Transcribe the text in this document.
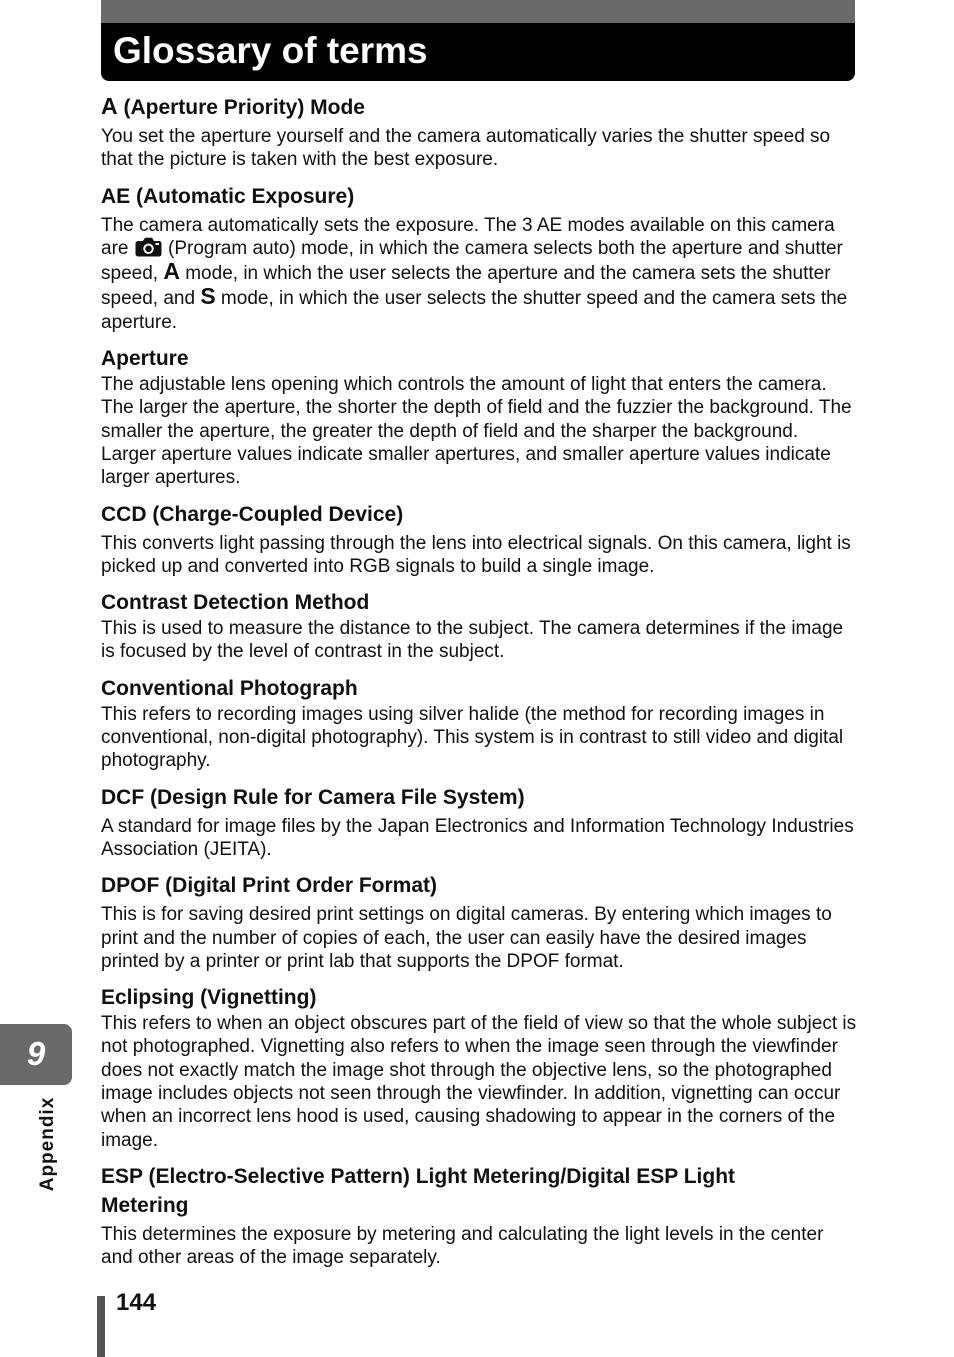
Glossary of terms

A (Aperture Priority) Mode

You set the aperture yourself and the camera automatically varies the shutter speed so that the picture is taken with the best exposure.

AE (Automatic Exposure)

The camera automatically sets the exposure. The 3 AE modes available on this camera are
(Program auto) mode, in which the camera selects both the aperture and shutter speed, A mode, in which the user selects the aperture and the camera sets the shutter speed, and S mode, in which the user selects the shutter speed and the camera sets the aperture.

Aperture

The adjustable lens opening which controls the amount of light that enters the camera. The larger the aperture, the shorter the depth of field and the fuzzier the background. The smaller the aperture, the greater the depth of field and the sharper the background. Larger aperture values indicate smaller apertures, and smaller aperture values indicate larger apertures.

CCD (Charge-Coupled Device)

This converts light passing through the lens into electrical signals. On this camera, light is picked up and converted into RGB signals to build a single image.

Contrast Detection Method

This is used to measure the distance to the subject. The camera determines if the image is focused by the level of contrast in the subject.

Conventional Photograph

This refers to recording images using silver halide (the method for recording images in conventional, non-digital photography). This system is in contrast to still video and digital photography.

DCF (Design Rule for Camera File System)

A standard for image files by the Japan Electronics and Information Technology Industries Association (JEITA).

DPOF (Digital Print Order Format)

This is for saving desired print settings on digital cameras. By entering which images to print and the number of copies of each, the user can easily have the desired images printed by a printer or print lab that supports the DPOF format.

Eclipsing (Vignetting)

This refers to when an object obscures part of the field of view so that the whole subject is not photographed. Vignetting also refers to when the image seen through the viewfinder does not exactly match the image shot through the objective lens, so the photographed image includes objects not seen through the viewfinder. In addition, vignetting can occur when an incorrect lens hood is used, causing shadowing to appear in the corners of the image.

ESP (Electro-Selective Pattern) Light Metering/Digital ESP Light

Metering

This determines the exposure by metering and calculating the light levels in the center and other areas of the image separately.

9
Appendix
144
